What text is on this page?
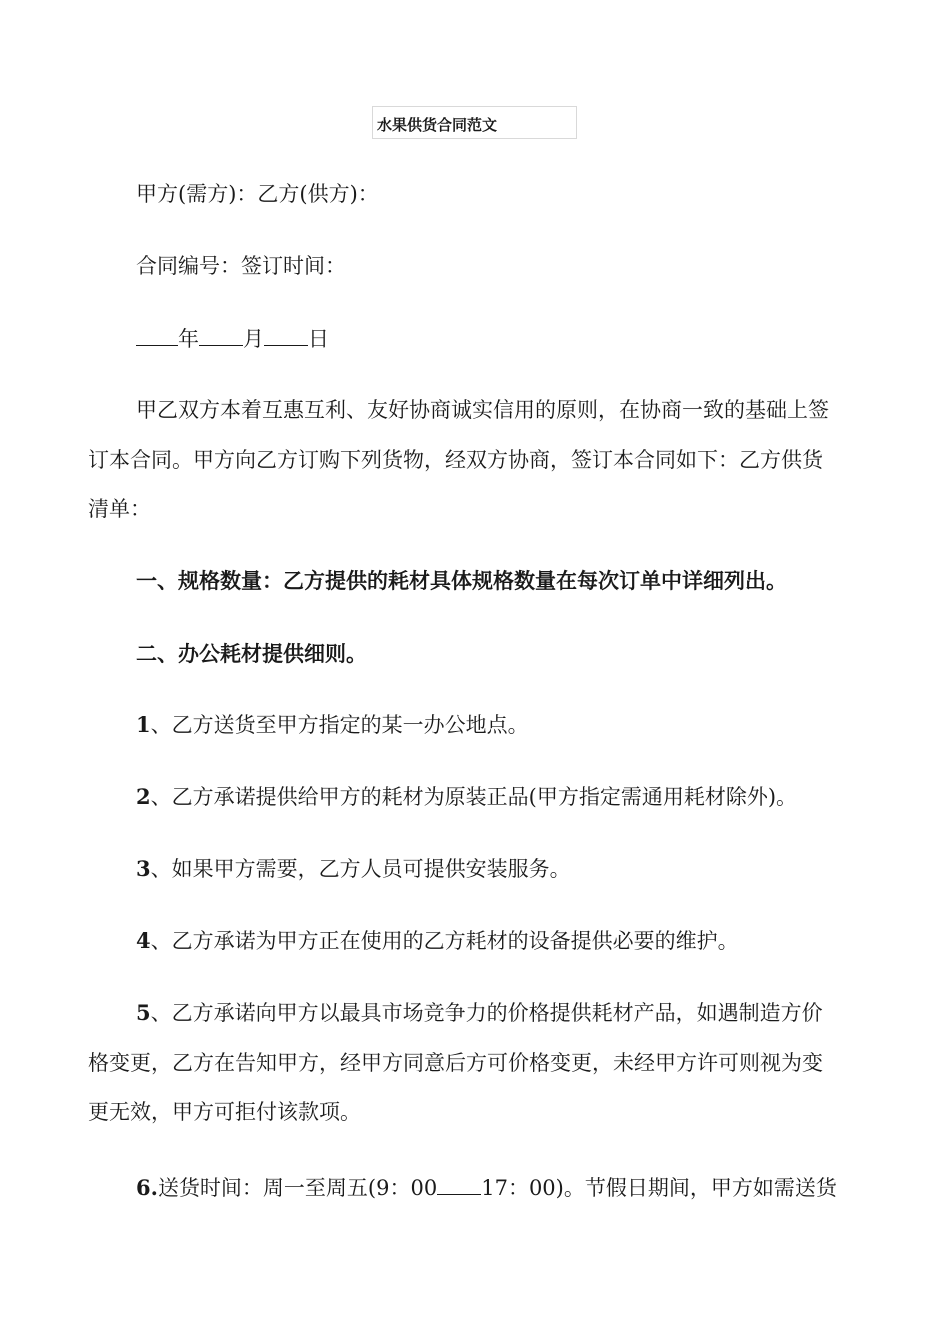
水果供货合同范文
甲方(需方)：乙方(供方)：
合同编号：签订时间：
年 月 日
甲乙双方本着互惠互利、友好协商诚实信用的原则，在协商一致的基础上签
订本合同。甲方向乙方订购下列货物，经双方协商，签订本合同如下：乙方供货
清单：
一、规格数量：乙方提供的耗材具体规格数量在每次订单中详细列出。
二、办公耗材提供细则。
1、乙方送货至甲方指定的某一办公地点。
2、乙方承诺提供给甲方的耗材为原装正品(甲方指定需通用耗材除外)。
3、如果甲方需要，乙方人员可提供安装服务。
4、乙方承诺为甲方正在使用的乙方耗材的设备提供必要的维护。
5、乙方承诺向甲方以最具市场竞争力的价格提供耗材产品，如遇制造方价
格变更，乙方在告知甲方，经甲方同意后方可价格变更，未经甲方许可则视为变
更无效，甲方可拒付该款项。
6.送货时间：周一至周五(9：00 17：00)。节假日期间，甲方如需送货
